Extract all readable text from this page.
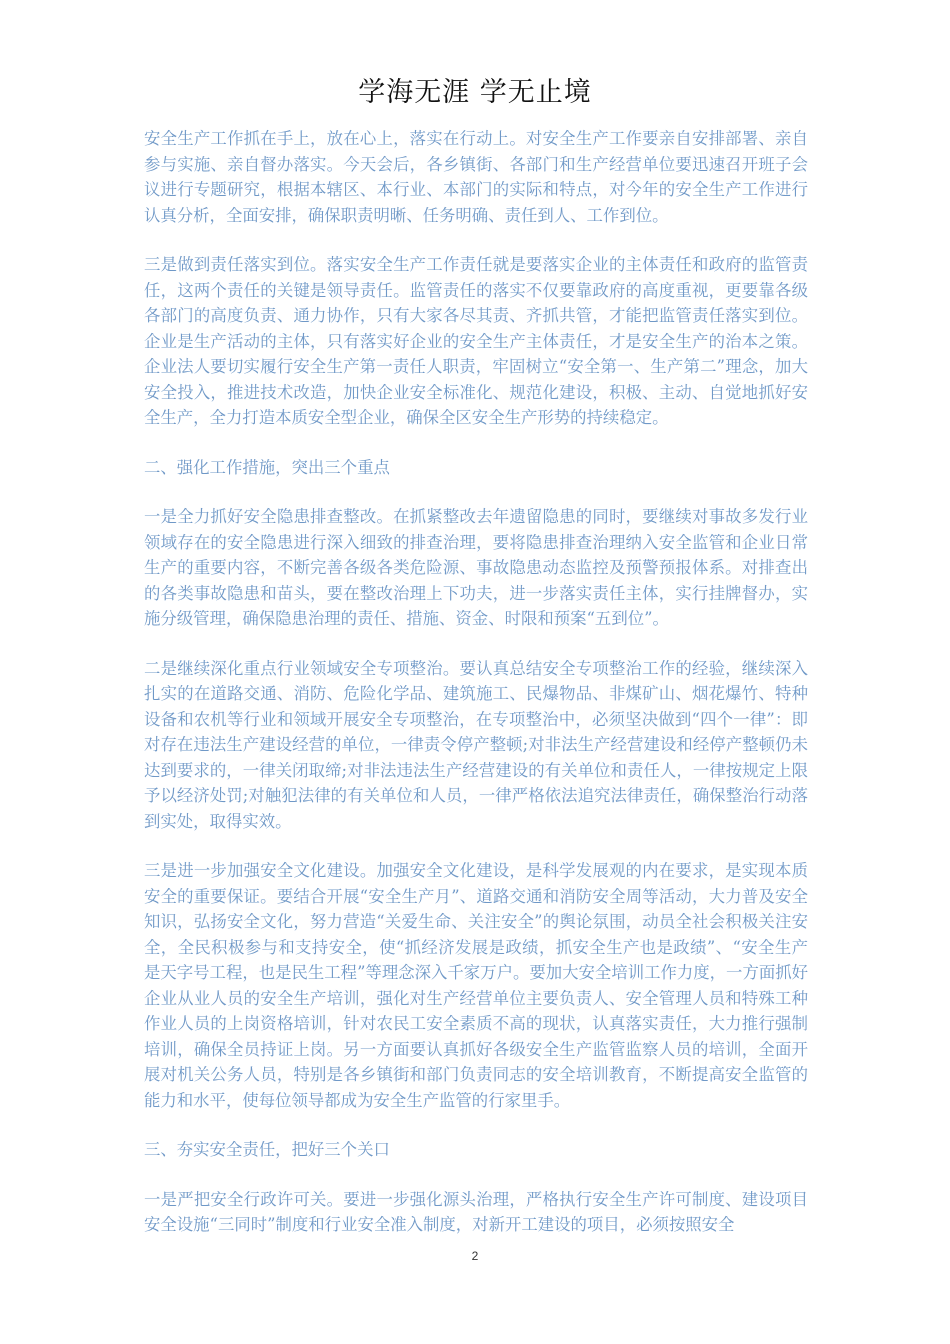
学海无涯 学无止境

安全生产工作抓在手上，放在心上，落实在行动上。对安全生产工作要亲自安排部署、亲自参与实施、亲自督办落实。今天会后，各乡镇街、各部门和生产经营单位要迅速召开班子会议进行专题研究，根据本辖区、本行业、本部门的实际和特点，对今年的安全生产工作进行认真分析，全面安排，确保职责明晰、任务明确、责任到人、工作到位。

三是做到责任落实到位。落实安全生产工作责任就是要落实企业的主体责任和政府的监管责任，这两个责任的关键是领导责任。监管责任的落实不仅要靠政府的高度重视，更要靠各级各部门的高度负责、通力协作，只有大家各尽其责、齐抓共管，才能把监管责任落实到位。企业是生产活动的主体，只有落实好企业的安全生产主体责任，才是安全生产的治本之策。企业法人要切实履行安全生产第一责任人职责，牢固树立“安全第一、生产第二”理念，加大安全投入，推进技术改造，加快企业安全标准化、规范化建设，积极、主动、自觉地抓好安全生产，全力打造本质安全型企业，确保全区安全生产形势的持续稳定。

二、强化工作措施，突出三个重点

一是全力抓好安全隐患排查整改。在抓紧整改去年遗留隐患的同时，要继续对事故多发行业领域存在的安全隐患进行深入细致的排查治理，要将隐患排查治理纳入安全监管和企业日常生产的重要内容，不断完善各级各类危险源、事故隐患动态监控及预警预报体系。对排查出的各类事故隐患和苗头，要在整改治理上下功夫，进一步落实责任主体，实行挂牌督办，实施分级管理，确保隐患治理的责任、措施、资金、时限和预案“五到位”。

二是继续深化重点行业领域安全专项整治。要认真总结安全专项整治工作的经验，继续深入扎实的在道路交通、消防、危险化学品、建筑施工、民爆物品、非煤矿山、烟花爆竹、特种设备和农机等行业和领域开展安全专项整治，在专项整治中，必须坚决做到“四个一律”：即对存在违法生产建设经营的单位，一律责令停产整顿;对非法生产经营建设和经停产整顿仍未达到要求的，一律关闭取缔;对非法违法生产经营建设的有关单位和责任人，一律按规定上限予以经济处罚;对触犯法律的有关单位和人员，一律严格依法追究法律责任，确保整治行动落到实处，取得实效。

三是进一步加强安全文化建设。加强安全文化建设，是科学发展观的内在要求，是实现本质安全的重要保证。要结合开展“安全生产月”、道路交通和消防安全周等活动，大力普及安全知识，弘扬安全文化，努力营造“关爱生命、关注安全”的舆论氛围，动员全社会积极关注安全，全民积极参与和支持安全，使“抓经济发展是政绩，抓安全生产也是政绩”、“安全生产是天字号工程，也是民生工程”等理念深入千家万户。要加大安全培训工作力度，一方面抓好企业从业人员的安全生产培训，强化对生产经营单位主要负责人、安全管理人员和特殊工种作业人员的上岗资格培训，针对农民工安全素质不高的现状，认真落实责任，大力推行强制培训，确保全员持证上岗。另一方面要认真抓好各级安全生产监管监察人员的培训，全面开展对机关公务人员，特别是各乡镇街和部门负责同志的安全培训教育，不断提高安全监管的能力和水平，使每位领导都成为安全生产监管的行家里手。

三、夯实安全责任，把好三个关口

一是严把安全行政许可关。要进一步强化源头治理，严格执行安全生产许可制度、建设项目安全设施“三同时”制度和行业安全准入制度，对新开工建设的项目，必须按照安全

2
